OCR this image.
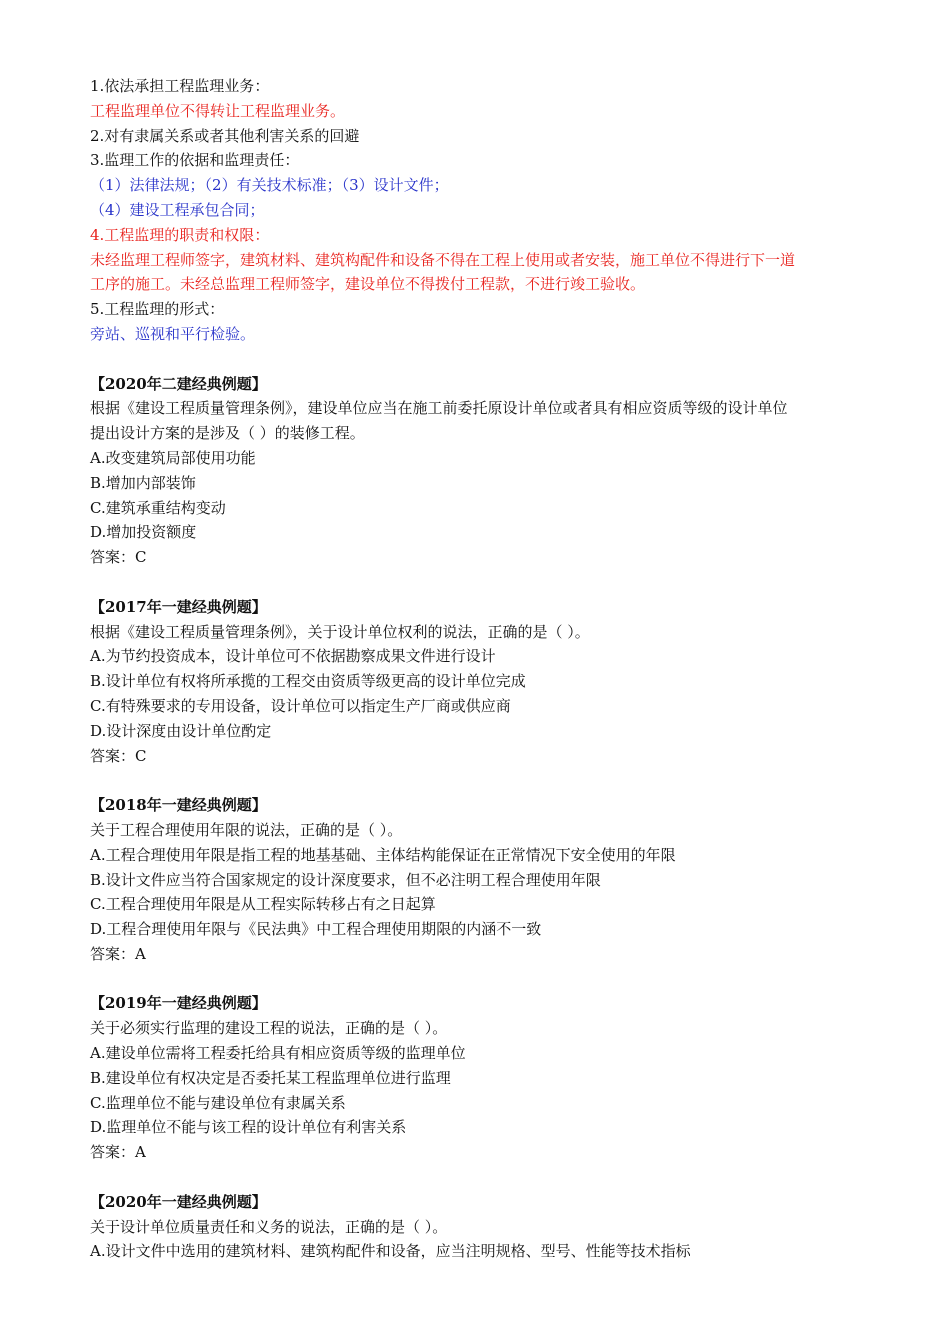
1.依法承担工程监理业务：
工程监理单位不得转让工程监理业务。
2.对有隶属关系或者其他利害关系的回避
3.监理工作的依据和监理责任：
（1）法律法规；（2）有关技术标准；（3）设计文件；
（4）建设工程承包合同；
4.工程监理的职责和权限：
未经监理工程师签字，建筑材料、建筑构配件和设备不得在工程上使用或者安装，施工单位不得进行下一道
工序的施工。未经总监理工程师签字，建设单位不得拨付工程款，不进行竣工验收。
5.工程监理的形式：
旁站、巡视和平行检验。
【2020年二建经典例题】
根据《建设工程质量管理条例》，建设单位应当在施工前委托原设计单位或者具有相应资质等级的设计单位
提出设计方案的是涉及（ ）的装修工程。
A.改变建筑局部使用功能
B.增加内部装饰
C.建筑承重结构变动
D.增加投资额度
答案：C
【2017年一建经典例题】
根据《建设工程质量管理条例》，关于设计单位权利的说法，正确的是（ ）。
A.为节约投资成本，设计单位可不依据勘察成果文件进行设计
B.设计单位有权将所承揽的工程交由资质等级更高的设计单位完成
C.有特殊要求的专用设备，设计单位可以指定生产厂商或供应商
D.设计深度由设计单位酌定
答案：C
【2018年一建经典例题】
关于工程合理使用年限的说法，正确的是（ ）。
A.工程合理使用年限是指工程的地基基础、主体结构能保证在正常情况下安全使用的年限
B.设计文件应当符合国家规定的设计深度要求，但不必注明工程合理使用年限
C.工程合理使用年限是从工程实际转移占有之日起算
D.工程合理使用年限与《民法典》中工程合理使用期限的内涵不一致
答案：A
【2019年一建经典例题】
关于必须实行监理的建设工程的说法，正确的是（ ）。
A.建设单位需将工程委托给具有相应资质等级的监理单位
B.建设单位有权决定是否委托某工程监理单位进行监理
C.监理单位不能与建设单位有隶属关系
D.监理单位不能与该工程的设计单位有利害关系
答案：A
【2020年一建经典例题】
关于设计单位质量责任和义务的说法，正确的是（ ）。
A.设计文件中选用的建筑材料、建筑构配件和设备，应当注明规格、型号、性能等技术指标
